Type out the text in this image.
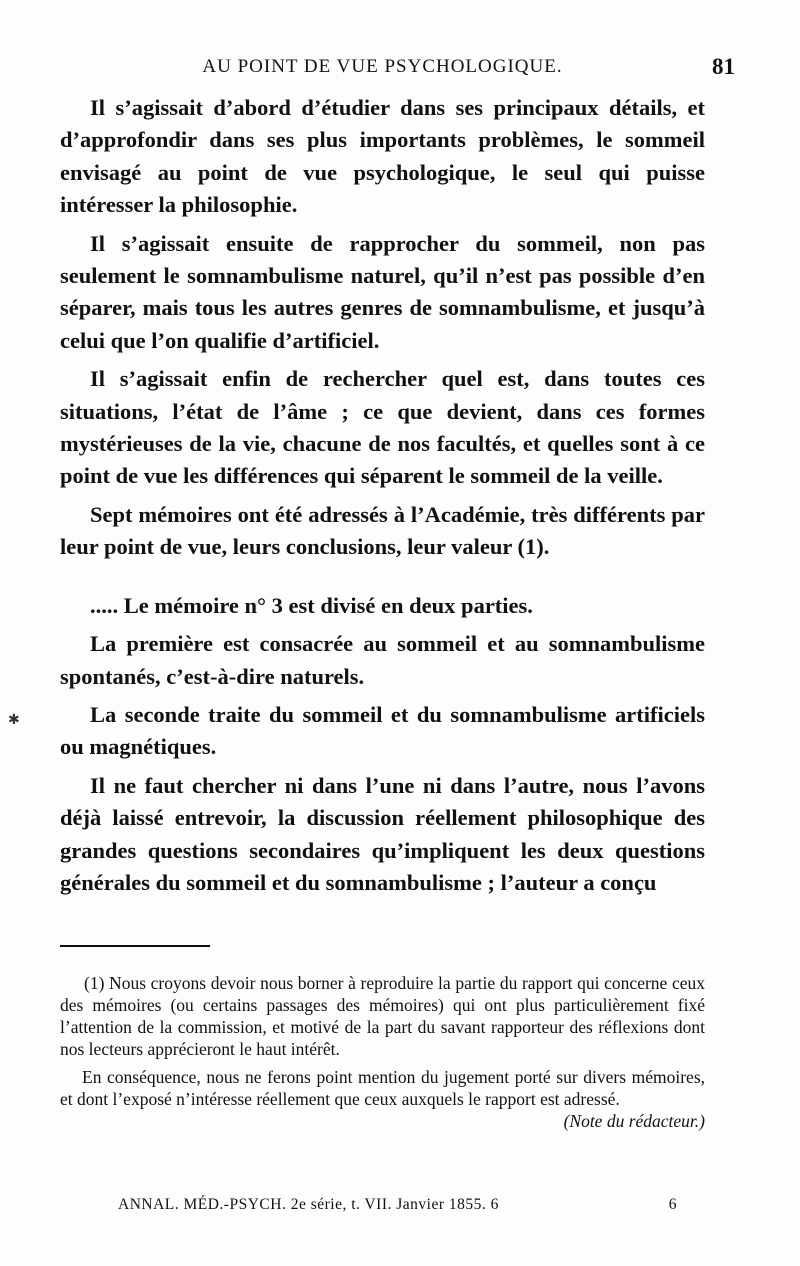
AU POINT DE VUE PSYCHOLOGIQUE.	81

Il s’agissait d’abord d’étudier dans ses principaux détails, et d’approfondir dans ses plus importants problèmes, le sommeil envisagé au point de vue psychologique, le seul qui puisse intéresser la philosophie.

Il s’agissait ensuite de rapprocher du sommeil, non pas seulement le somnambulisme naturel, qu’il n’est pas possible d’en séparer, mais tous les autres genres de somnambulisme, et jusqu’à celui que l’on qualifie d’artificiel.

Il s’agissait enfin de rechercher quel est, dans toutes ces situations, l’état de l’âme ; ce que devient, dans ces formes mystérieuses de la vie, chacune de nos facultés, et quelles sont à ce point de vue les différences qui séparent le sommeil de la veille.

Sept mémoires ont été adressés à l’Académie, très différents par leur point de vue, leurs conclusions, leur valeur (1).

..... Le mémoire n° 3 est divisé en deux parties.

La première est consacrée au sommeil et au somnambulisme spontanés, c’est-à-dire naturels.

La seconde traite du sommeil et du somnambulisme artificiels ou magnétiques.

Il ne faut chercher ni dans l’une ni dans l’autre, nous l’avons déjà laissé entrevoir, la discussion réellement philosophique des grandes questions secondaires qu’impliquent les deux questions générales du sommeil et du somnambulisme ; l’auteur a conçu

(1) Nous croyons devoir nous borner à reproduire la partie du rapport qui concerne ceux des mémoires (ou certains passages des mémoires) qui ont plus particulièrement fixé l’attention de la commission, et motivé de la part du savant rapporteur des réflexions dont nos lecteurs apprécieront le haut intérêt.

En conséquence, nous ne ferons point mention du jugement porté sur divers mémoires, et dont l’exposé n’intéresse réellement que ceux auxquels le rapport est adressé.
(Note du rédacteur.)

ANNAL. MÉD.-PSYCH. 2e série, t. VII. Janvier 1855. 6	6
✱
